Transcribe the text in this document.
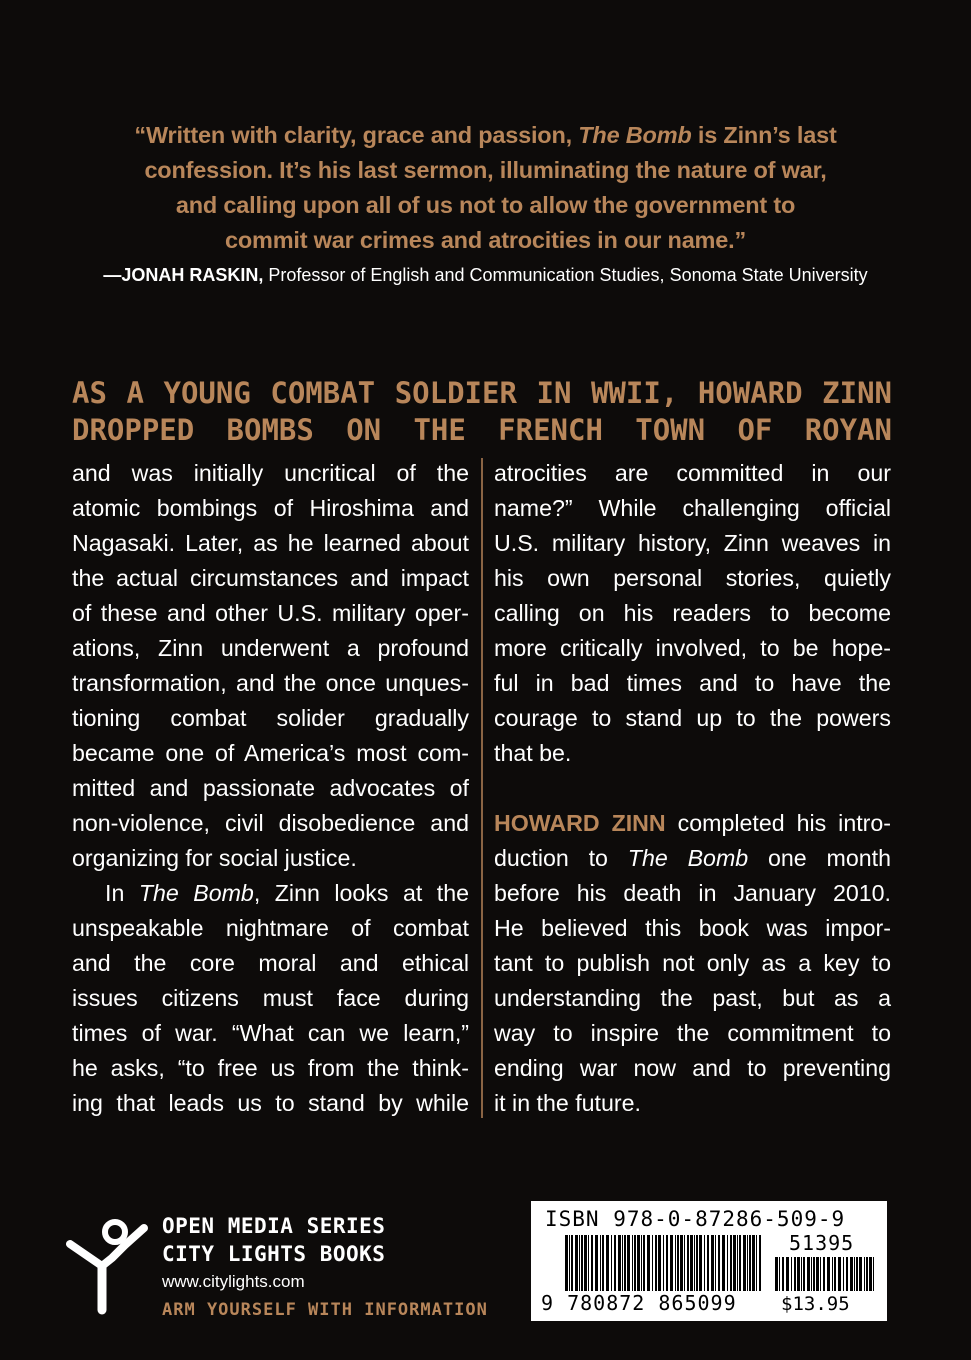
“Written with clarity, grace and passion, The Bomb is Zinn’s last
confession. It’s his last sermon, illuminating the nature of war,
and calling upon all of us not to allow the government to
commit war crimes and atrocities in our name.”
—JONAH RASKIN, Professor of English and Communication Studies, Sonoma State University
AS A YOUNG COMBAT SOLDIER IN WWII, HOWARD ZINN
DROPPED BOMBS ON THE FRENCH TOWN OF ROYAN
and was initially uncritical of the
atomic bombings of Hiroshima and
Nagasaki. Later, as he learned about
the actual circumstances and impact
of these and other U.S. military oper-
ations, Zinn underwent a profound
transformation, and the once unques-
tioning combat solider gradually
became one of America’s most com-
mitted and passionate advocates of
non-violence, civil disobedience and
organizing for social justice.
In The Bomb, Zinn looks at the
unspeakable nightmare of combat
and the core moral and ethical
issues citizens must face during
times of war. “What can we learn,”
he asks, “to free us from the think-
ing that leads us to stand by while
atrocities are committed in our
name?” While challenging official
U.S. military history, Zinn weaves in
his own personal stories, quietly
calling on his readers to become
more critically involved, to be hope-
ful in bad times and to have the
courage to stand up to the powers
that be.
HOWARD ZINN completed his intro-
duction to The Bomb one month
before his death in January 2010.
He believed this book was impor-
tant to publish not only as a key to
understanding the past, but as a
way to inspire the commitment to
ending war now and to preventing
it in the future.
OPEN MEDIA SERIES
CITY LIGHTS BOOKS
www.citylights.com
ARM YOURSELF WITH INFORMATION
ISBN 978-0-87286-509-9
51395
9 780872 865099 $13.95
